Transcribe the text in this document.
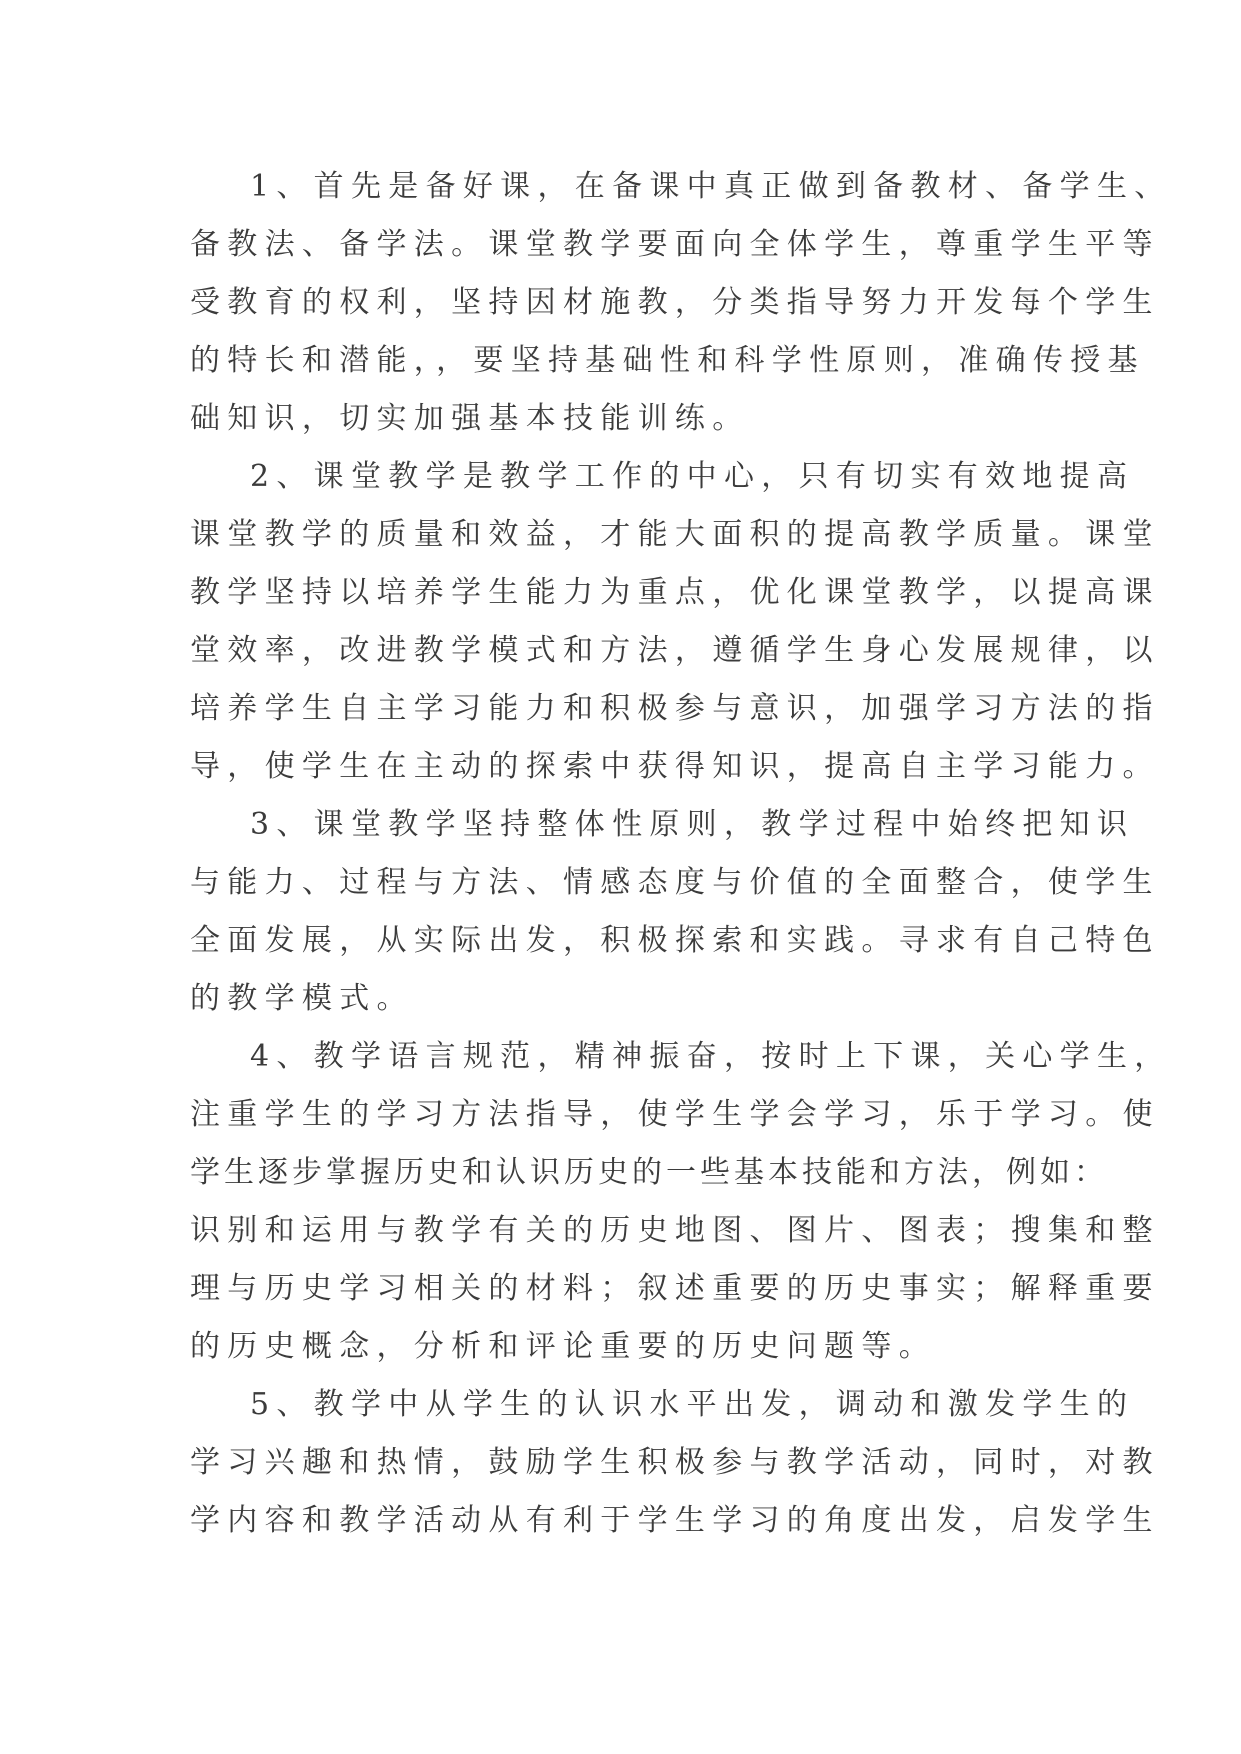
1、首先是备好课，在备课中真正做到备教材、备学生、
备教法、备学法。课堂教学要面向全体学生，尊重学生平等
受教育的权利，坚持因材施教，分类指导努力开发每个学生
的特长和潜能，，要坚持基础性和科学性原则，准确传授基
础知识，切实加强基本技能训练。
2、课堂教学是教学工作的中心，只有切实有效地提高
课堂教学的质量和效益，才能大面积的提高教学质量。课堂
教学坚持以培养学生能力为重点，优化课堂教学，以提高课
堂效率，改进教学模式和方法，遵循学生身心发展规律，以
培养学生自主学习能力和积极参与意识，加强学习方法的指
导，使学生在主动的探索中获得知识，提高自主学习能力。
3、课堂教学坚持整体性原则，教学过程中始终把知识
与能力、过程与方法、情感态度与价值的全面整合，使学生
全面发展，从实际出发，积极探索和实践。寻求有自己特色
的教学模式。
4、教学语言规范，精神振奋，按时上下课，关心学生，
注重学生的学习方法指导，使学生学会学习，乐于学习。使
学生逐步掌握历史和认识历史的一些基本技能和方法，例如：
识别和运用与教学有关的历史地图、图片、图表；搜集和整
理与历史学习相关的材料；叙述重要的历史事实；解释重要
的历史概念，分析和评论重要的历史问题等。
5、教学中从学生的认识水平出发，调动和激发学生的
学习兴趣和热情，鼓励学生积极参与教学活动，同时，对教
学内容和教学活动从有利于学生学习的角度出发，启发学生
